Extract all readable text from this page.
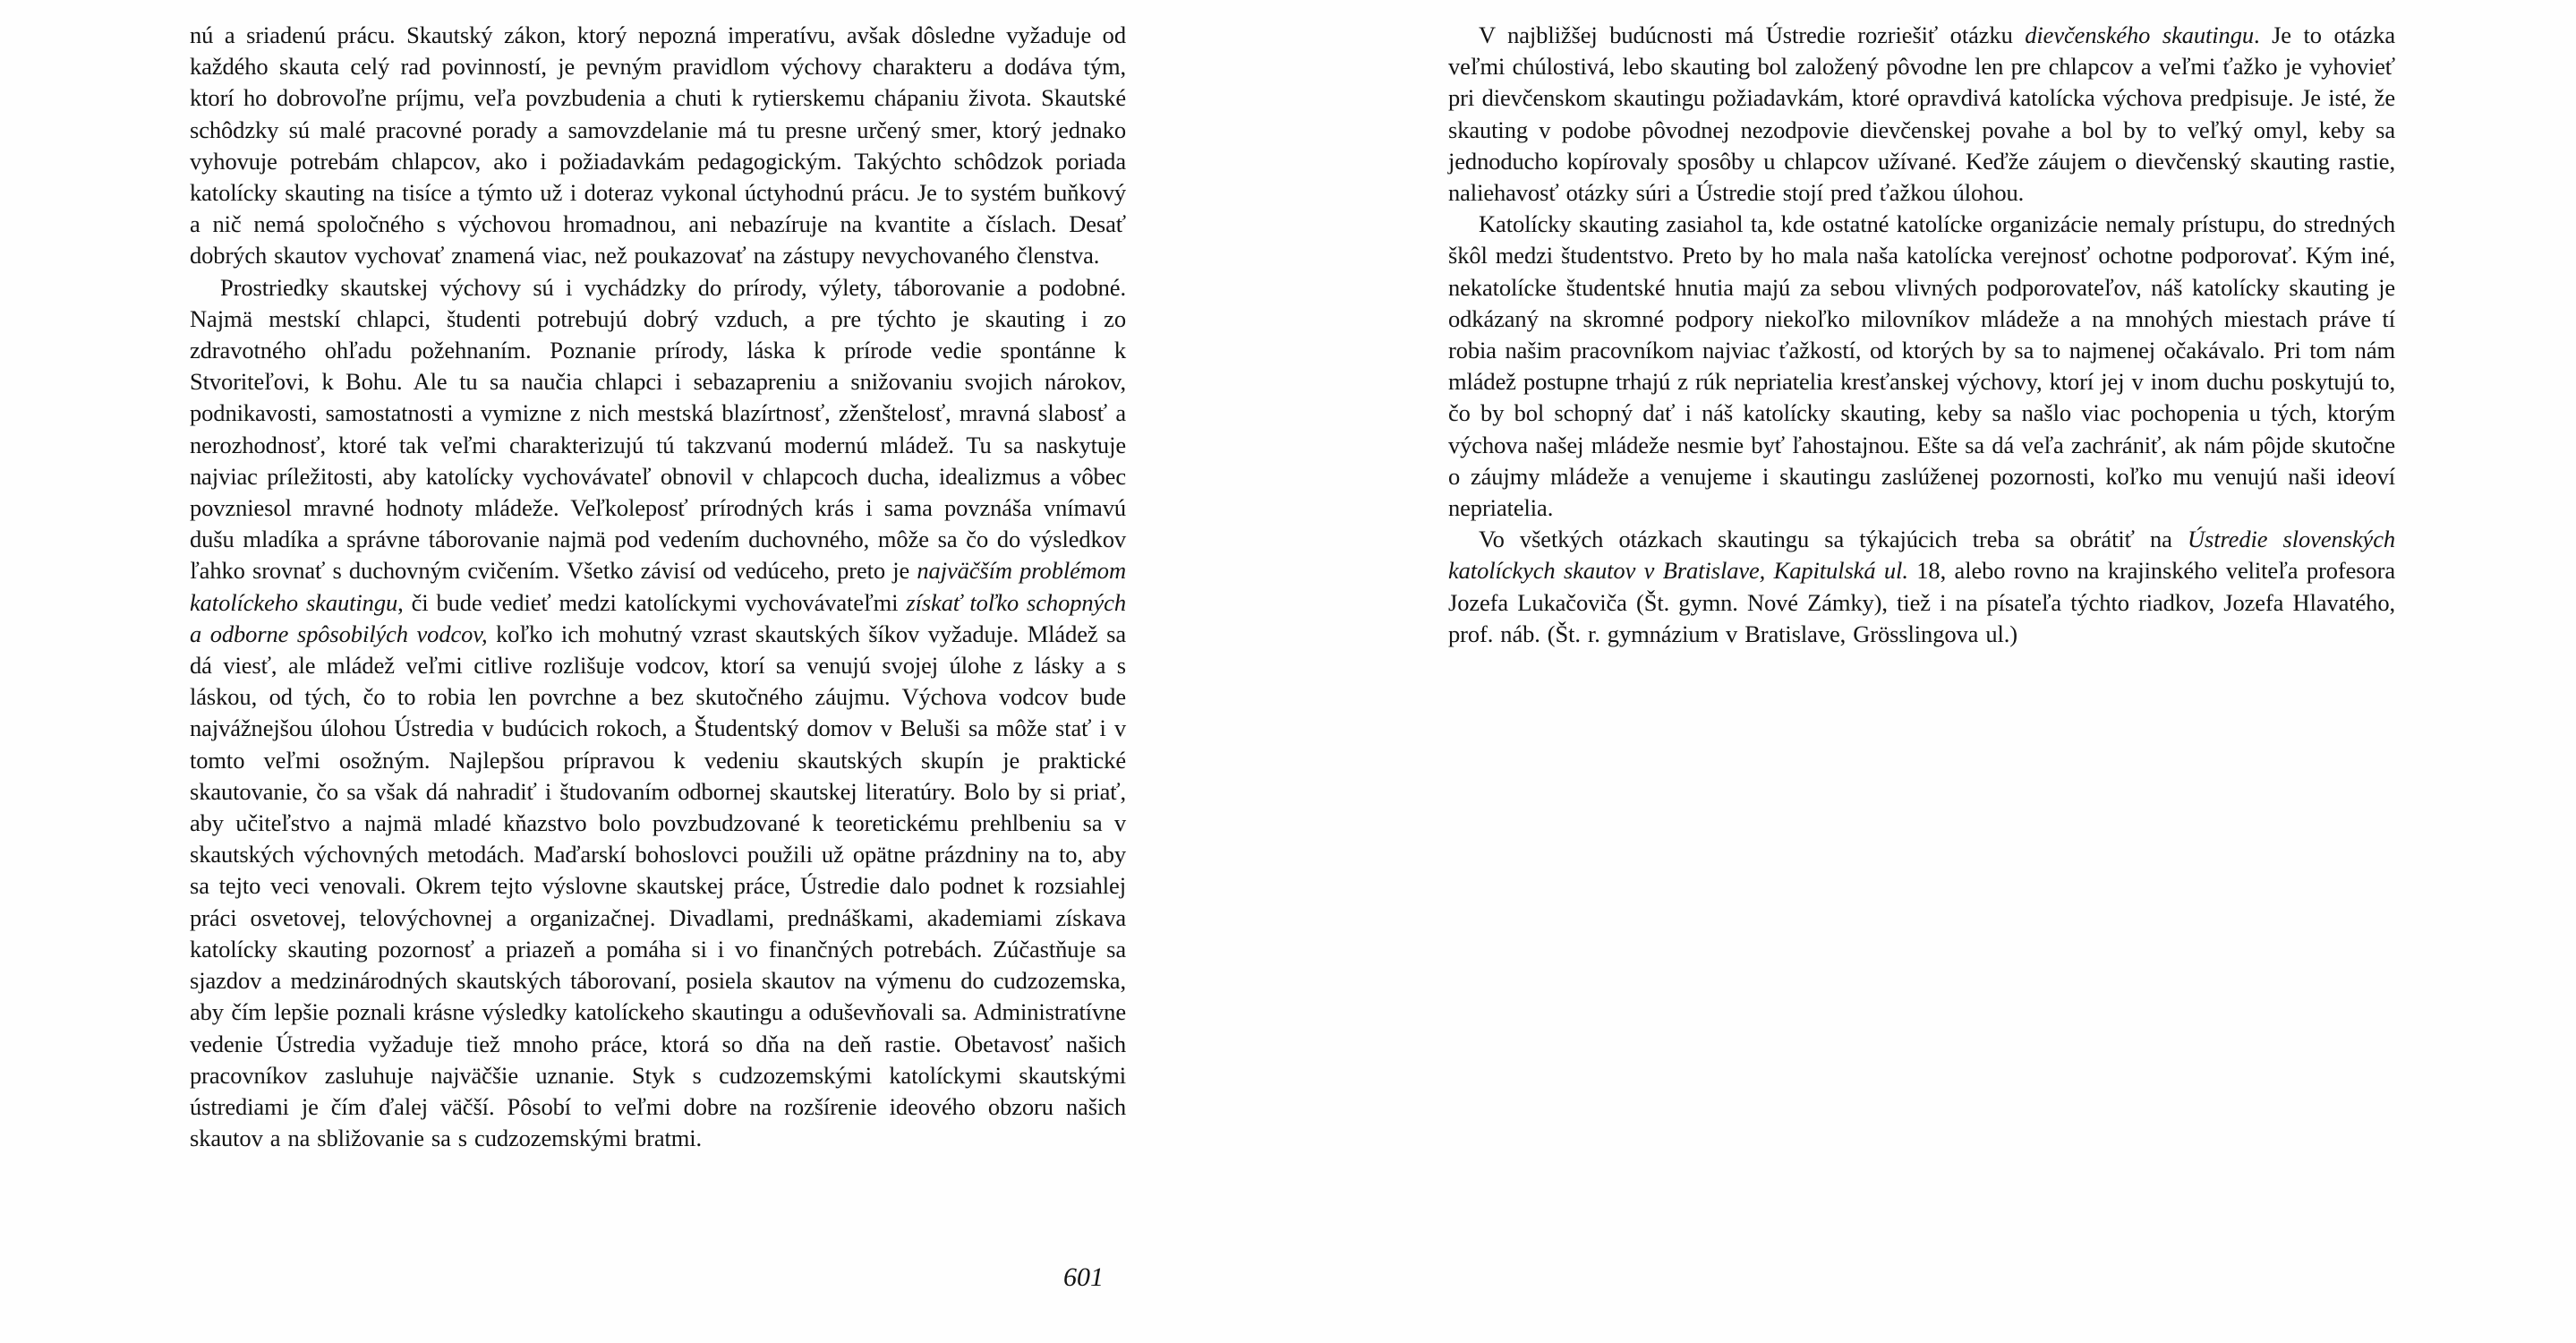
nú a sriadenú prácu. Skautský zákon, ktorý nepozná imperatívu, avšak dôsledne vyžaduje od každého skauta celý rad povinností, je pevným pravidlom výchovy charakteru a dodáva tým, ktorí ho dobrovoľne príjmu, veľa povzbudenia a chuti k rytierskemu chápaniu života. Skautské schôdzky sú malé pracovné porady a samovzdelanie má tu presne určený smer, ktorý jednako vyhovuje potrebám chlapcov, ako i požiadavkám pedagogickým. Takýchto schôdzok poriada katolícky skauting na tisíce a týmto už i doteraz vykonal úctyhodnú prácu. Je to systém buňkový a nič nemá spoločného s výchovou hromadnou, ani nebazíruje na kvantite a číslach. Desať dobrých skautov vychovať znamená viac, než poukazovať na zástupy nevychovaného členstva.

Prostriedky skautskej výchovy sú i vychádzky do prírody, výlety, táborovanie a podobné. Najmä mestskí chlapci, študenti potrebujú dobrý vzduch, a pre týchto je skauting i zo zdravotného ohľadu požehnaním. Poznanie prírody, láska k prírode vedie spontánne k Stvoriteľovi, k Bohu. Ale tu sa naučia chlapci i sebazapreniu a snižovaniu svojich nárokov, podnikavosti, samostatnosti a vymizne z nich mestská blazírtnosť, zženštelosť, mravná slabosť a nerozhodnosť, ktoré tak veľmi charakterizujú tú takzvanú modernú mládež. Tu sa naskytuje najviac príležitosti, aby katolícky vychovávateľ obnovil v chlapcoch ducha, idealizmus a vôbec povzniesol mravné hodnoty mládeže. Veľkoleposť prírodných krás i sama povznáša vnímavú dušu mladíka a správne táborovanie najmä pod vedením duchovného, môže sa čo do výsledkov ľahko srovnať s duchovným cvičením. Všetko závisí od vedúceho, preto je najväčším problémom katolíckeho skautingu, či bude vedieť medzi katolíckymi vychovávateľmi získať toľko schopných a odborne spôsobilých vodcov, koľko ich mohutný vzrast skautských šíkov vyžaduje. Mládež sa dá viesť, ale mládež veľmi citlive rozlišuje vodcov, ktorí sa venujú svojej úlohe z lásky a s láskou, od tých, čo to robia len povrchne a bez skutočného záujmu. Výchova vodcov bude najvážnejšou úlohou Ústredia v budúcich rokoch, a Študentský domov v Beluši sa môže stať i v tomto veľmi osožným. Najlepšou prípravou k vedeniu skautských skupín je praktické skautovanie, čo sa však dá nahradiť i študovaním odbornej skautskej literatúry. Bolo by si priať, aby učiteľstvo a najmä mladé kňazstvo bolo povzbudzované k teoretickému prehlbeniu sa v skautských výchovných metodách. Maďarskí bohoslovci použili už opätne prázdniny na to, aby sa tejto veci venovali. Okrem tejto výslovne skautskej práce, Ústredie dalo podnet k rozsiahlej práci osvetovej, telovýchovnej a organizačnej. Divadlami, prednáškami, akademiami získava katolícky skauting pozornosť a priazeň a pomáha si i vo finančných potrebách. Zúčastňuje sa sjazdov a medzinárodných skautských táborovaní, posiela skautov na výmenu do cudzozemska, aby čím lepšie poznali krásne výsledky katolíckeho skautingu a oduševňovali sa. Administratívne vedenie Ústredia vyžaduje tiež mnoho práce, ktorá so dňa na deň rastie. Obetavosť našich pracovníkov zasluhuje najväčšie uznanie. Styk s cudzozemskými katolíckymi skautskými ústrediami je čím ďalej väčší. Pôsobí to veľmi dobre na rozšírenie ideového obzoru našich skautov a na sbližovanie sa s cudzozemskými bratmi.

V najbližšej budúcnosti má Ústredie rozriešiť otázku dievčenského skautingu. Je to otázka veľmi chúlostivá, lebo skauting bol založený pôvodne len pre chlapcov a veľmi ťažko je vyhovieť pri dievčenskom skautingu požiadavkám, ktoré opravdivá katolícka výchova predpisuje. Je isté, že skauting v podobe pôvodnej nezodpovie dievčenskej povahe a bol by to veľký omyl, keby sa jednoducho kopírovaly sposôby u chlapcov užívané. Keďže záujem o dievčenský skauting rastie, naliehavosť otázky súri a Ústredie stojí pred ťažkou úlohou.

Katolícky skauting zasiahol ta, kde ostatné katolícke organizácie nemaly prístupu, do stredných škôl medzi študentstvo. Preto by ho mala naša katolícka verejnosť ochotne podporovať. Kým iné, nekatolícke študentské hnutia majú za sebou vlivných podporovateľov, náš katolícky skauting je odkázaný na skromné podpory niekoľko milovníkov mládeže a na mnohých miestach práve tí robia našim pracovníkom najviac ťažkostí, od ktorých by sa to najmenej očakávalo. Pri tom nám mládež postupne trhajú z rúk nepriatelia kresťanskej výchovy, ktorí jej v inom duchu poskytujú to, čo by bol schopný dať i náš katolícky skauting, keby sa našlo viac pochopenia u tých, ktorým výchova našej mládeže nesmie byť ľahostajnou. Ešte sa dá veľa zachrániť, ak nám pôjde skutočne o záujmy mládeže a venujeme i skautingu zaslúženej pozornosti, koľko mu venujú naši ideoví nepriatelia.

Vo všetkých otázkach skautingu sa týkajúcich treba sa obrátiť na Ústredie slovenských katolíckych skautov v Bratislave, Kapitulská ul. 18, alebo rovno na krajinského veliteľa profesora Jozefa Lukačoviča (Št. gymn. Nové Zámky), tiež i na písateľa týchto riadkov, Jozefa Hlavatého, prof. náb. (Št. r. gymnázium v Bratislave, Grösslingova ul.)

601
